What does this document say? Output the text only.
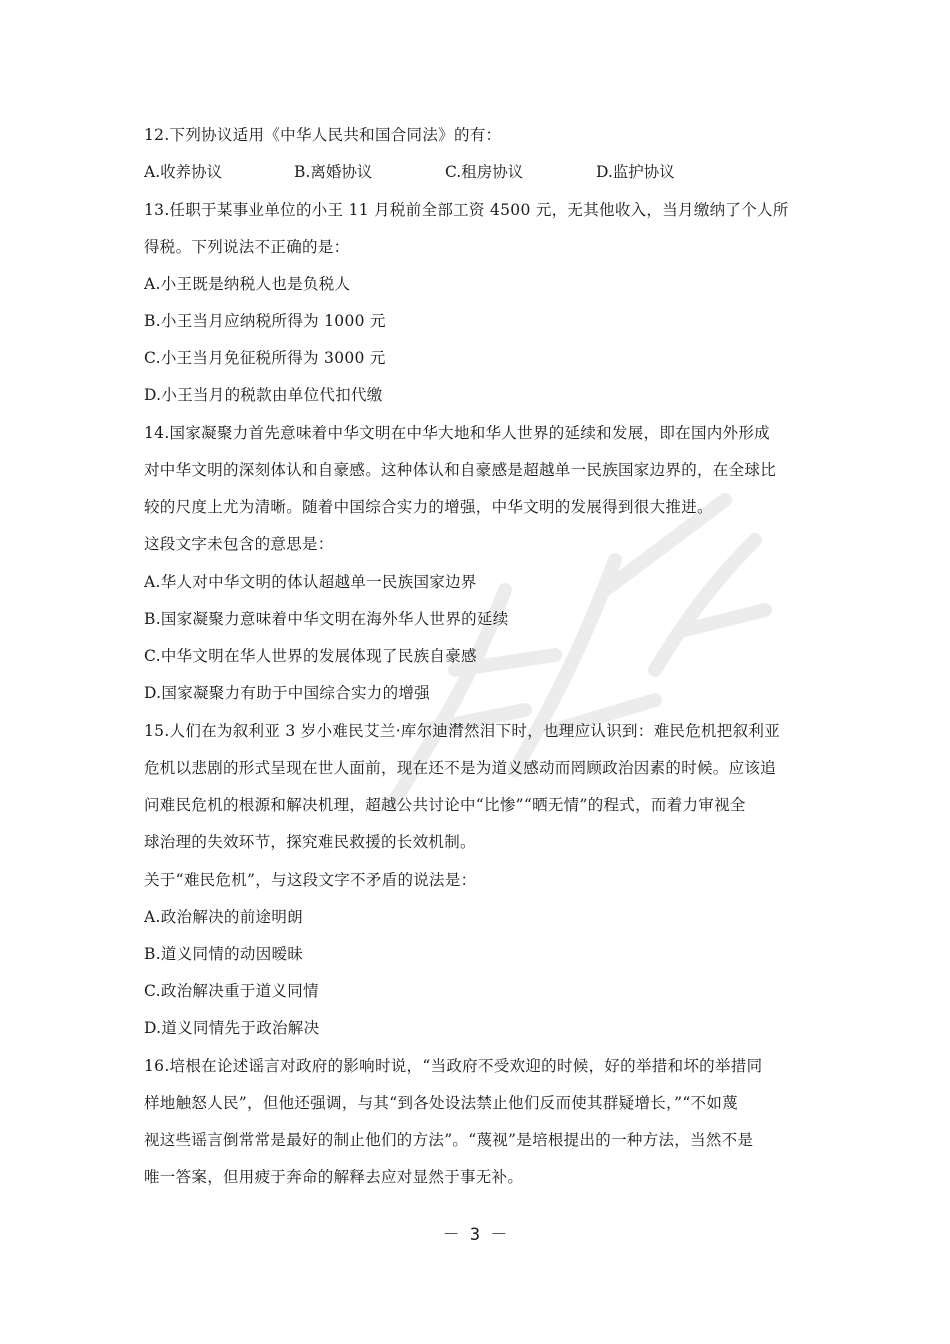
12.下列协议适用《中华人民共和国合同法》的有：
A.收养协议	B.离婚协议	C.租房协议	D.监护协议
13.任职于某事业单位的小王 11 月税前全部工资 4500 元，无其他收入，当月缴纳了个人所
得税。下列说法不正确的是：
A.小王既是纳税人也是负税人
B.小王当月应纳税所得为 1000 元
C.小王当月免征税所得为 3000 元
D.小王当月的税款由单位代扣代缴
14.国家凝聚力首先意味着中华文明在中华大地和华人世界的延续和发展，即在国内外形成
对中华文明的深刻体认和自豪感。这种体认和自豪感是超越单一民族国家边界的，在全球比
较的尺度上尤为清晰。随着中国综合实力的增强，中华文明的发展得到很大推进。
这段文字未包含的意思是：
A.华人对中华文明的体认超越单一民族国家边界
B.国家凝聚力意味着中华文明在海外华人世界的延续
C.中华文明在华人世界的发展体现了民族自豪感
D.国家凝聚力有助于中国综合实力的增强
15.人们在为叙利亚 3 岁小难民艾兰·库尔迪潸然泪下时，也理应认识到：难民危机把叙利亚
危机以悲剧的形式呈现在世人面前，现在还不是为道义感动而罔顾政治因素的时候。应该追
问难民危机的根源和解决机理，超越公共讨论中“比惨”“晒无情”的程式，而着力审视全
球治理的失效环节，探究难民救援的长效机制。
关于“难民危机”，与这段文字不矛盾的说法是：
A.政治解决的前途明朗
B.道义同情的动因暧昧
C.政治解决重于道义同情
D.道义同情先于政治解决
16.培根在论述谣言对政府的影响时说，“当政府不受欢迎的时候，好的举措和坏的举措同
样地触怒人民”，但他还强调，与其“到各处设法禁止他们反而使其群疑增长，”“不如蔑
视这些谣言倒常常是最好的制止他们的方法”。“蔑视”是培根提出的一种方法，当然不是
唯一答案，但用疲于奔命的解释去应对显然于事无补。
－ 3 －
